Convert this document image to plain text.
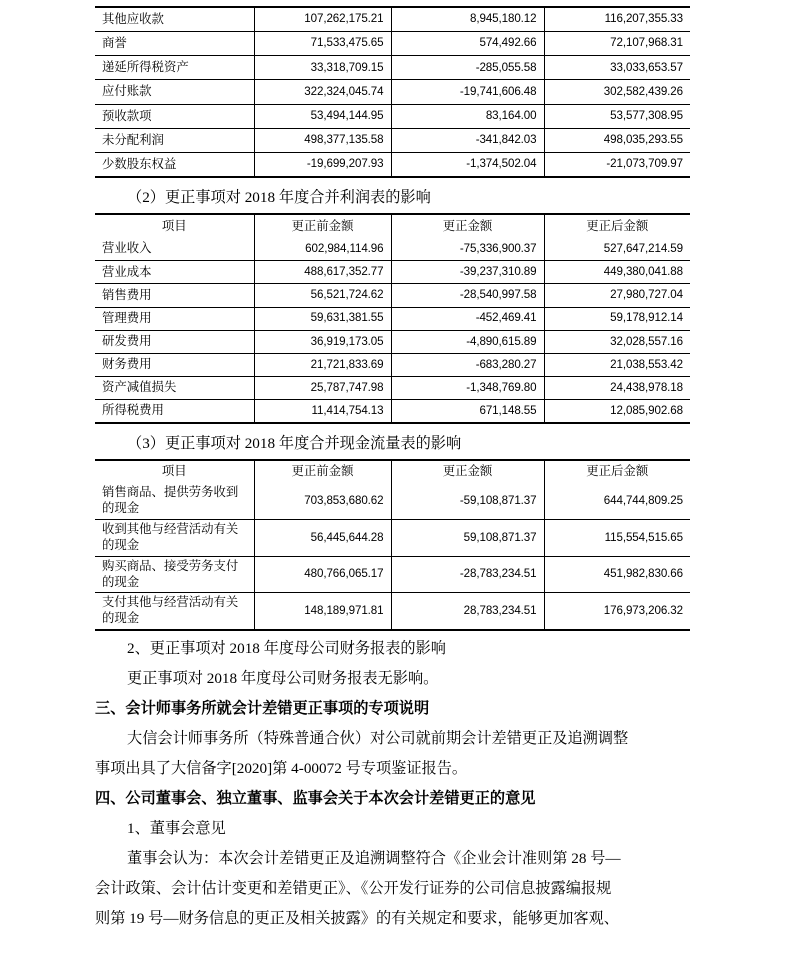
其他应收款	107,262,175.21	8,945,180.12	116,207,355.33
商誉	71,533,475.65	574,492.66	72,107,968.31
递延所得税资产	33,318,709.15	-285,055.58	33,033,653.57
应付账款	322,324,045.74	-19,741,606.48	302,582,439.26
预收款项	53,494,144.95	83,164.00	53,577,308.95
未分配利润	498,377,135.58	-341,842.03	498,035,293.55
少数股东权益	-19,699,207.93	-1,374,502.04	-21,073,709.97
（2）更正事项对 2018 年度合并利润表的影响
项目	更正前金额	更正金额	更正后金额
营业收入	602,984,114.96	-75,336,900.37	527,647,214.59
营业成本	488,617,352.77	-39,237,310.89	449,380,041.88
销售费用	56,521,724.62	-28,540,997.58	27,980,727.04
管理费用	59,631,381.55	-452,469.41	59,178,912.14
研发费用	36,919,173.05	-4,890,615.89	32,028,557.16
财务费用	21,721,833.69	-683,280.27	21,038,553.42
资产减值损失	25,787,747.98	-1,348,769.80	24,438,978.18
所得税费用	11,414,754.13	671,148.55	12,085,902.68
（3）更正事项对 2018 年度合并现金流量表的影响
项目	更正前金额	更正金额	更正后金额
销售商品、提供劳务收到的现金	703,853,680.62	-59,108,871.37	644,744,809.25
收到其他与经营活动有关的现金	56,445,644.28	59,108,871.37	115,554,515.65
购买商品、接受劳务支付的现金	480,766,065.17	-28,783,234.51	451,982,830.66
支付其他与经营活动有关的现金	148,189,971.81	28,783,234.51	176,973,206.32

2、更正事项对 2018 年度母公司财务报表的影响

更正事项对 2018 年度母公司财务报表无影响。

三、会计师事务所就会计差错更正事项的专项说明

大信会计师事务所（特殊普通合伙）对公司就前期会计差错更正及追溯调整

事项出具了大信备字[2020]第 4-00072 号专项鉴证报告。

四、公司董事会、独立董事、监事会关于本次会计差错更正的意见

1、董事会意见

董事会认为：本次会计差错更正及追溯调整符合《企业会计准则第 28 号—

会计政策、会计估计变更和差错更正》、《公开发行证券的公司信息披露编报规

则第 19 号—财务信息的更正及相关披露》的有关规定和要求，能够更加客观、
